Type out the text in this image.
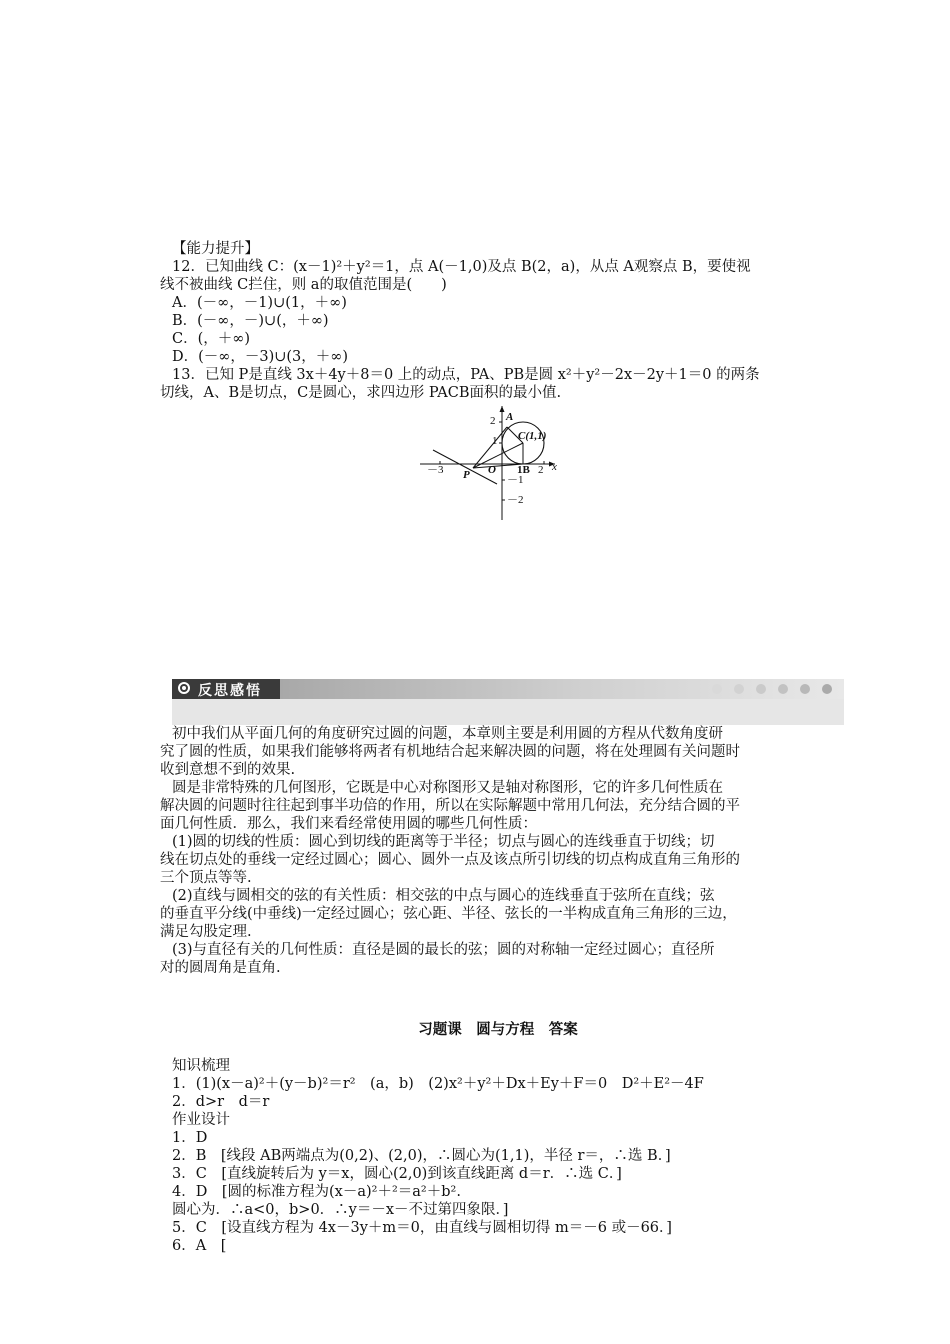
【能力提升】
12．已知曲线 C：(x－1)²＋y²＝1，点 A(－1,0)及点 B(2，a)，从点 A观察点 B，要使视
线不被曲线 C拦住，则 a的取值范围是(　　)
A．(－∞，－1)∪(1，＋∞)
B．(－∞，－)∪(，＋∞)
C．(，＋∞)
D．(－∞，－3)∪(3，＋∞)
13．已知 P是直线 3x＋4y＋8＝0 上的动点，PA、PB是圆 x²＋y²－2x－2y＋1＝0 的两条
切线，A、B是切点，C是圆心，求四边形 PACB面积的最小值.
2
1
－1
－2
－3	1B 2 x
O
P
A
C(1,1)
反思感悟
初中我们从平面几何的角度研究过圆的问题，本章则主要是利用圆的方程从代数角度研
究了圆的性质，如果我们能够将两者有机地结合起来解决圆的问题，将在处理圆有关问题时
收到意想不到的效果.
圆是非常特殊的几何图形，它既是中心对称图形又是轴对称图形，它的许多几何性质在
解决圆的问题时往往起到事半功倍的作用，所以在实际解题中常用几何法，充分结合圆的平
面几何性质．那么，我们来看经常使用圆的哪些几何性质：
(1)圆的切线的性质：圆心到切线的距离等于半径；切点与圆心的连线垂直于切线；切
线在切点处的垂线一定经过圆心；圆心、圆外一点及该点所引切线的切点构成直角三角形的
三个顶点等等.
(2)直线与圆相交的弦的有关性质：相交弦的中点与圆心的连线垂直于弦所在直线；弦
的垂直平分线(中垂线)一定经过圆心；弦心距、半径、弦长的一半构成直角三角形的三边，
满足勾股定理.
(3)与直径有关的几何性质：直径是圆的最长的弦；圆的对称轴一定经过圆心；直径所
对的圆周角是直角.
习题课　圆与方程　答案
知识梳理
1．(1)(x－a)²＋(y－b)²＝r²　(a，b)　(2)x²＋y²＋Dx＋Ey＋F＝0　D²＋E²－4F
2．d>r　d＝r
作业设计
1．D
2．B　[线段 AB两端点为(0,2)、(2,0)，∴圆心为(1,1)，半径 r＝，∴选 B．]
3．C　[直线旋转后为 y＝x，圆心(2,0)到该直线距离 d＝r．∴选 C．]
4．D　[圆的标准方程为(x－a)²＋²＝a²＋b².
圆心为．∴a<0，b>0．∴y＝－x－不过第四象限．]
5．C　[设直线方程为 4x－3y＋m＝0，由直线与圆相切得 m＝－6 或－66．]
6．A　[
